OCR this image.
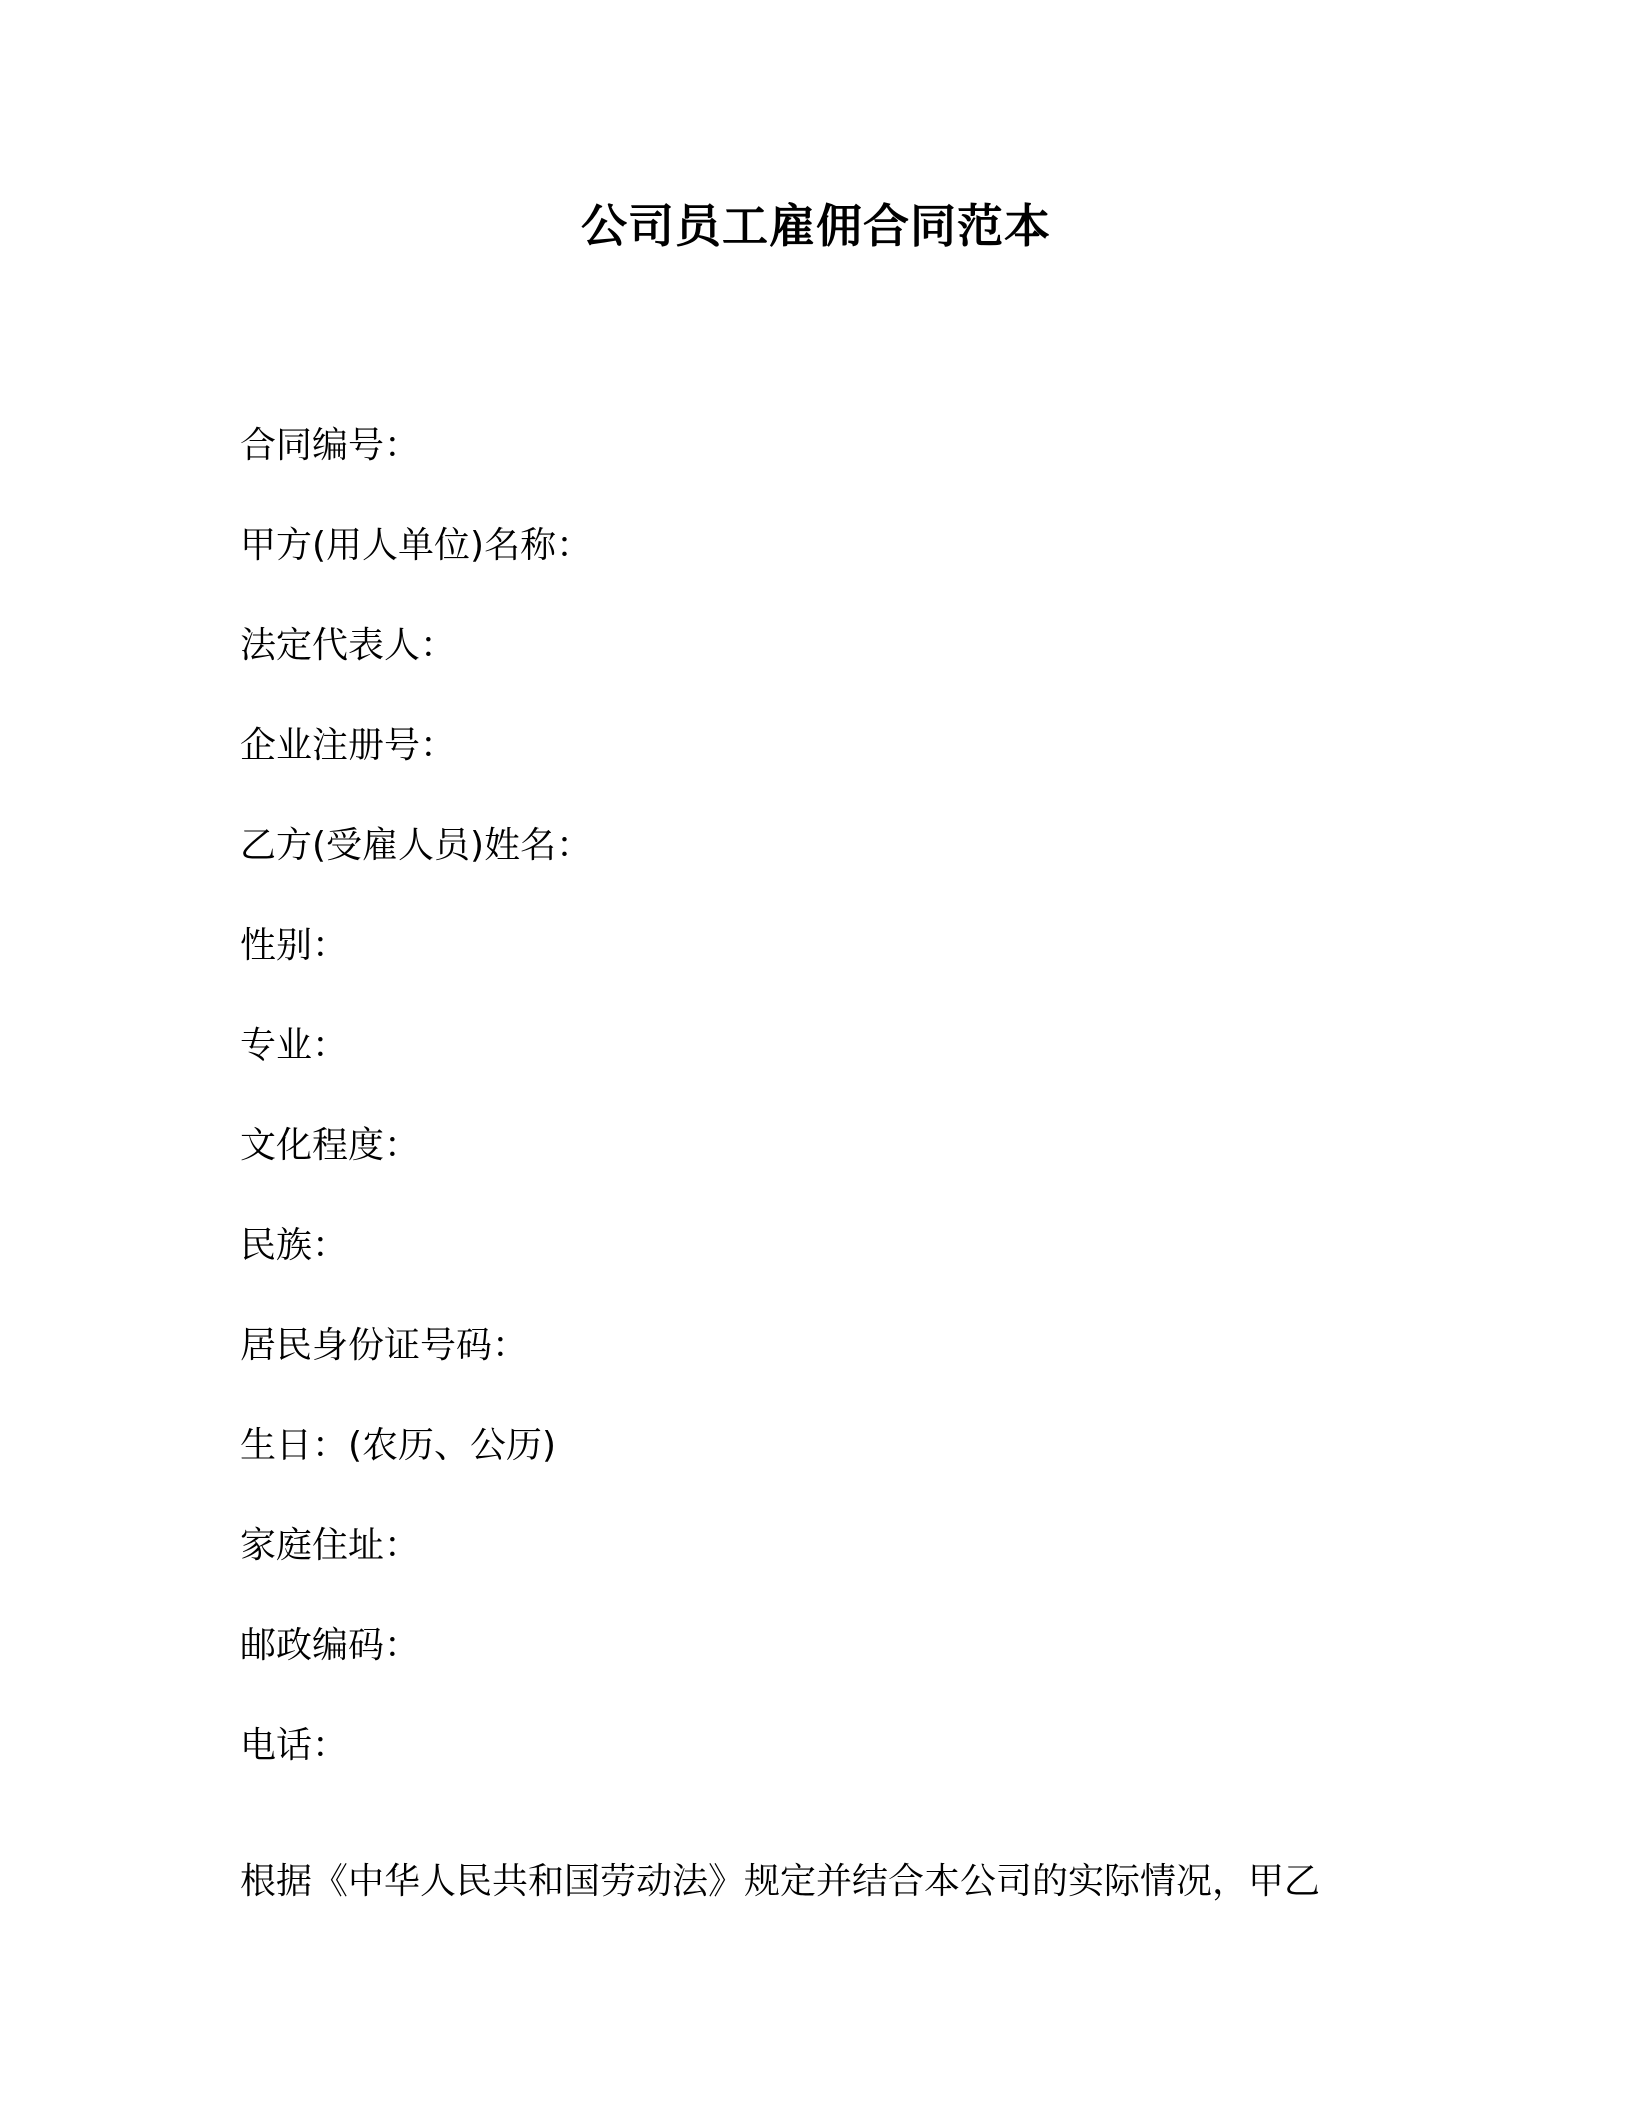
公司员工雇佣合同范本
合同编号：
甲方(用人单位)名称：
法定代表人：
企业注册号：
乙方(受雇人员)姓名：
性别：
专业：
文化程度：
民族：
居民身份证号码：
生日：(农历、公历)
家庭住址：
邮政编码：
电话：

根据《中华人民共和国劳动法》规定并结合本公司的实际情况，甲乙
